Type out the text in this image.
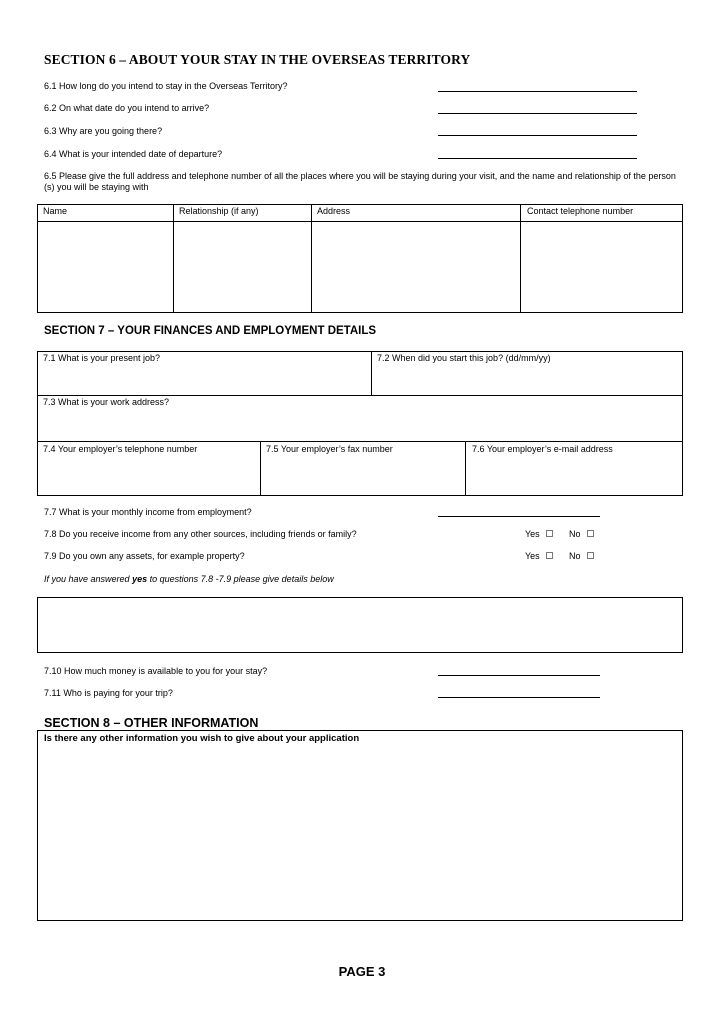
SECTION 6 – ABOUT YOUR STAY IN THE OVERSEAS TERRITORY
6.1 How long do you intend to stay in the Overseas Territory?
6.2 On what date do you intend to arrive?
6.3 Why are you going there?
6.4 What is your intended date of departure?
6.5 Please give the full address and telephone number of all the places where you will be staying during your visit, and the name and relationship of the person (s) you will be staying with
Name	Relationship (if any)	Address	Contact telephone number
SECTION 7 – YOUR FINANCES AND EMPLOYMENT DETAILS
7.1 What is your present job?	7.2 When did you start this job? (dd/mm/yy)
7.3 What is your work address?
7.4 Your employer’s telephone number	7.5 Your employer’s fax number	7.6 Your employer’s e-mail address
7.7 What is your monthly income from employment?
7.8 Do you receive income from any other sources, including friends or family?	Yes	No
7.9 Do you own any assets, for example property?	Yes	No
If you have answered yes to questions 7.8 -7.9 please give details below
7.10 How much money is available to you for your stay?
7.11 Who is paying for your trip?
SECTION 8 – OTHER INFORMATION
Is there any other information you wish to give about your application
PAGE 3
